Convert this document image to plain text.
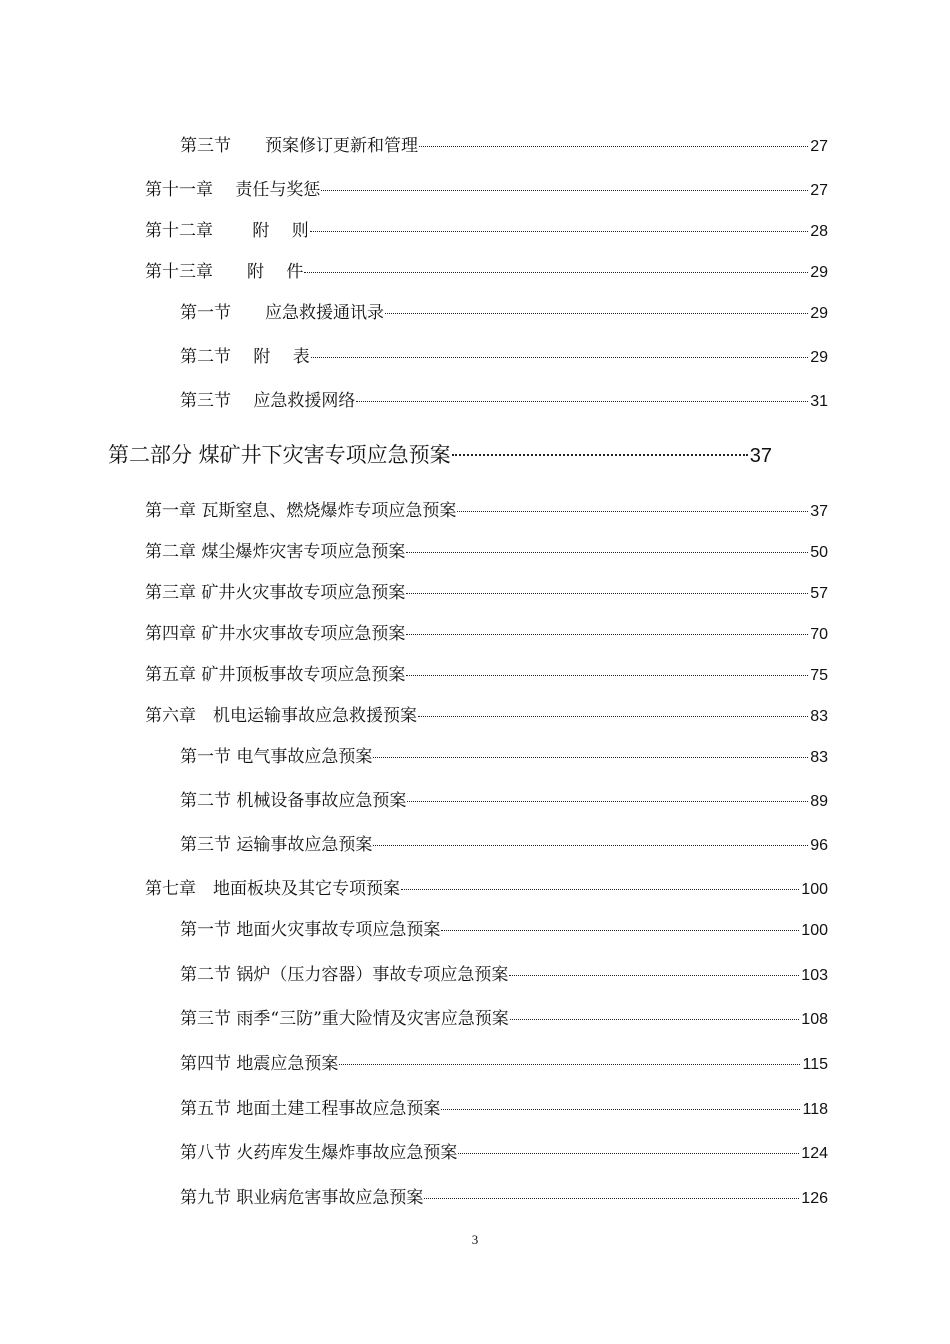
第三节　　预案修订更新和管理	27
第十一章　 责任与奖惩	27
第十二章　　 附　 则	28
第十三章　　附　 件	29
第一节　　应急救援通讯录	29
第二节　 附　 表	29
第三节　 应急救援网络	31
第二部分 煤矿井下灾害专项应急预案	37
第一章 瓦斯窒息、燃烧爆炸专项应急预案	37
第二章 煤尘爆炸灾害专项应急预案	50
第三章 矿井火灾事故专项应急预案	57
第四章 矿井水灾事故专项应急预案	70
第五章 矿井顶板事故专项应急预案	75
第六章　机电运输事故应急救援预案	83
第一节 电气事故应急预案	83
第二节 机械设备事故应急预案	89
第三节 运输事故应急预案	96
第七章　地面板块及其它专项预案	100
第一节 地面火灾事故专项应急预案	100
第二节 锅炉（压力容器）事故专项应急预案	103
第三节 雨季“三防”重大险情及灾害应急预案	108
第四节 地震应急预案	115
第五节 地面土建工程事故应急预案	118
第八节 火药库发生爆炸事故应急预案	124
第九节 职业病危害事故应急预案	126
3
